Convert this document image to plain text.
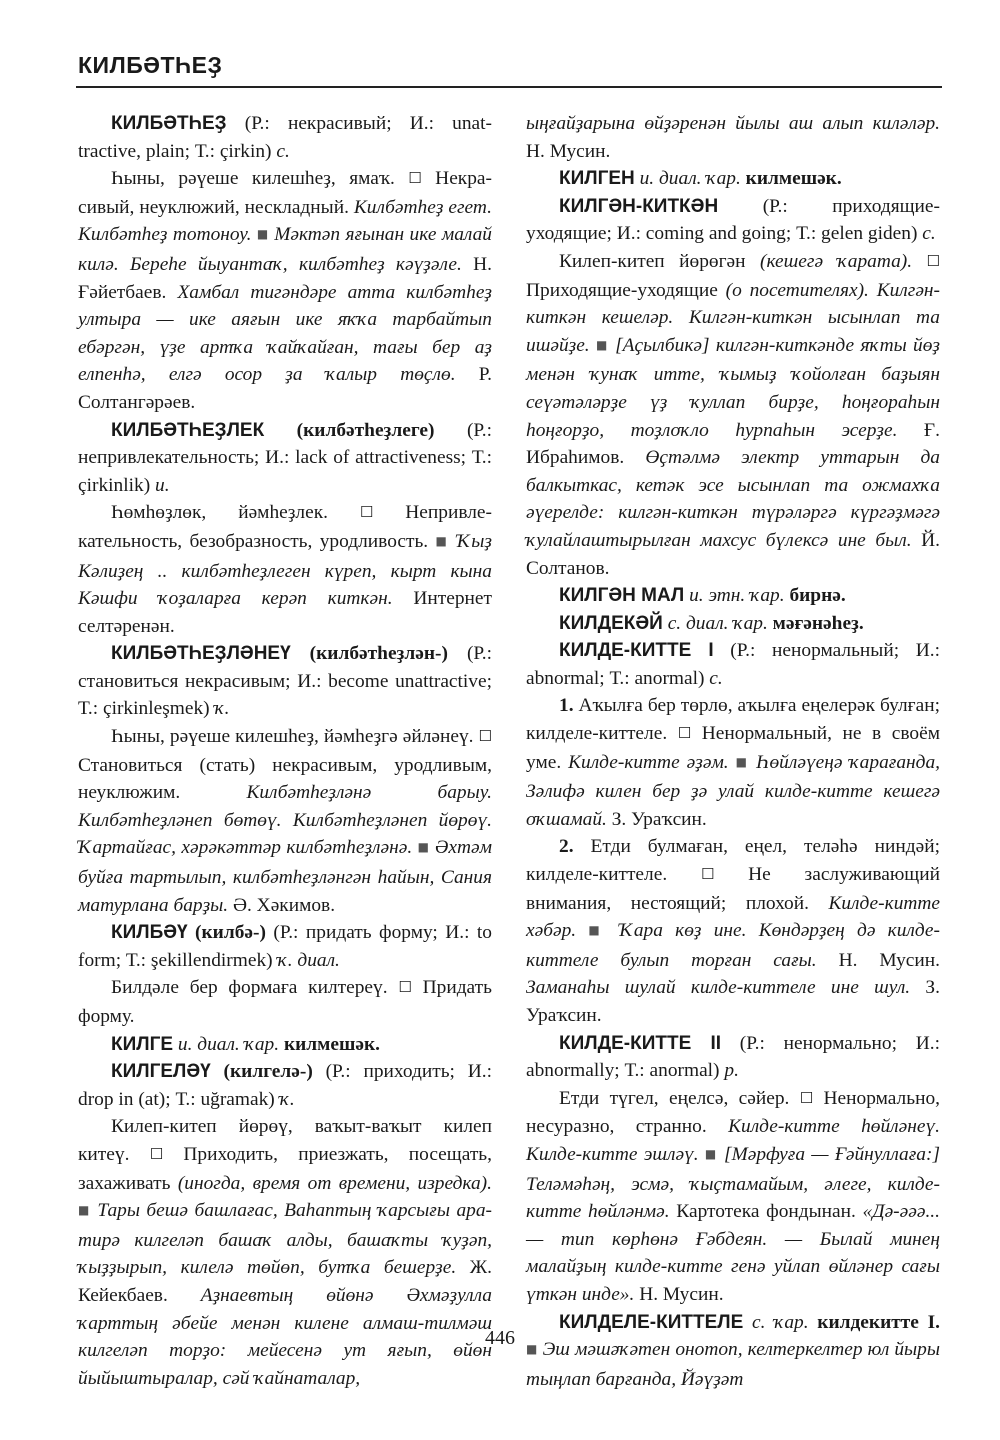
КИЛБӘТҺЕҘ

КИЛБӘТҺЕҘ (Р.: некрасивый; И.: unattractive, plain; Т.: çirkin) с.

Һыны, рәүеше килешһеҙ, ямаҡ. ☐ Некрасивый, неуклюжий, нескладный. Килбәтһеҙ егет. Килбәтһеҙ тотоноу. ■ Мәктәп яғынан ике малай килә. Береһе йыуантаҡ, килбәтһеҙ кәүҙәле. Н. Ғәйетбаев. Хамбал тигәндәре атта килбәтһеҙ ултыра — ике аяғын ике яҡҡа тарбайтып ебәргән, үҙе артҡа ҡайҡайған, тағы бер аҙ елпенһә, елгә осор ҙа ҡалыр төҫлө. Р. Солтангәрәев.

КИЛБӘТҺЕҘЛЕК (килбәтһеҙлеге) (Р.: непривлекательность; И.: lack of attractiveness; Т.: çirkinlik) и.

Һөмһөҙлөк, йәмһеҙлек. ☐ Непривлекательность, безобразность, уродливость. ■ Ҡыҙ Кәлиҙең .. килбәтһеҙлеген күреп, кырт кына Кәшфи ҡоҙаларға керәп киткән. Интернет селтәренән.

КИЛБӘТҺЕҘЛӘНЕҮ (килбәтһеҙлән-) (Р.: становиться некрасивым; И.: become unattractive; Т.: çirkinleşmek) ҡ.

Һыны, рәүеше килешһеҙ, йәмһеҙгә әйләнеү. ☐ Становиться (стать) некрасивым, уродливым, неуклюжим. Килбәтһеҙләнә барыу. Килбәтһеҙләнеп бөтөү. Килбәтһеҙләнеп йөрөү. Ҡартайғас, хәрәкәттәр килбәтһеҙләнә. ■ Әхтәм буйға тартылып, килбәтһеҙләнгән һайын, Сания матурлана барҙы. Ә. Хәкимов.

КИЛБӘҮ (килбә-) (Р.: придать форму; И.: to form; Т.: şekillendirmek) ҡ. диал.

Билдәле бер формаға килтереү. ☐ Придать форму.

КИЛГЕ и. диал. ҡар. килмешәк.

КИЛГЕЛӘҮ (килгелә-) (Р.: приходить; И.: drop in (at); Т.: uğramak) ҡ.

Килеп-китеп йөрөү, ваҡыт-ваҡыт килеп китеү. ☐ Приходить, приезжать, посещать, захаживать (иногда, время от времени, изредка). ■ Тары бешә башлағас, Ваһаптың ҡарсығы ара-тирә килгеләп башаҡ алды, башаҡты ҡуҙәп, ҡыҙҙырып, килелә төйөп, бутҡа бешерҙе. Ж. Кейекбаев. Аҙнаевтың өйөнә Әхмәҙулла ҡарттың әбейе менән килене алмаш-тилмәш килгеләп торҙо: мейесенә ут яғып, өйөн йыйыштыралар, сәй ҡайнаталар,

ыңғайҙарына өйҙәренән йылы аш алып киләләр. Н. Мусин.

КИЛГЕН и. диал. ҡар. килмешәк.

КИЛГӘН-КИТКӘН (Р.: приходящие-уходящие; И.: coming and going; Т.: gelen giden) с.

Килеп-китеп йөрөгән (кешегә ҡарата). ☐ Приходящие-уходящие (о посетителях). Килгән-киткән кешеләр. Килгән-киткән ысынлап та ишәйҙе. ■ [Аҫылбикә] килгән-киткәнде яҡты йөҙ менән ҡунаҡ итте, ҡымыҙ ҡойолған баҙыян сеүәтәләрҙе үҙ ҡуллап бирҙе, һоңғораһын һоңғорҙо, тоҙлоҡло һурпаһын эсерҙе. Ғ. Ибраһимов. Өҫтәлмә электр уттарын да балкыткас, кетәк эсе ысынлап та ожмахҡа әүерелде: килгән-киткән түрәләргә күргәҙмәгә ҡулайлаштырылған махсус бүлексә ине был. Й. Солтанов.

КИЛГӘН МАЛ и. этн. ҡар. бирнә.

КИЛДЕКӘЙ с. диал. ҡар. мәғәнәһеҙ.

КИЛДЕ-КИТТЕ I (Р.: ненормальный; И.: abnormal; Т.: anormal) с.

1. Аҡылға бер төрлө, аҡылға еңелерәк булған; килделе-киттеле. ☐ Ненормальный, не в своём уме. Килде-китте әҙәм. ■ Һөйләүеңә ҡарағанда, Зәлифә килен бер ҙә улай килде-китте кешегә оҡшамай. З. Ураҡсин.

2. Етди булмаған, еңел, теләһә ниндәй; килделе-киттеле. ☐ Не заслуживающий внимания, нестоящий; плохой. Килде-китте хәбәр. ■ Ҡара көҙ ине. Көндәрҙең дә килде-киттеле булып торған сағы. Н. Мусин. Заманаһы шулай килде-киттеле ине шул. З. Ураҡсин.

КИЛДЕ-КИТТЕ II (Р.: ненормально; И.: abnormally; Т.: anormal) р.

Етди түгел, еңелсә, сәйер. ☐ Ненормально, несуразно, странно. Килде-китте һөйләнеү. Килде-китте эшләү. ■ [Мәрфуға — Ғәйнуллаға:] Теләмәһәң, эсмә, ҡыҫтамайым, әлеге, килде-китте һөйләнмә. Картотека фондынан. «Дә-әәә...— тип көрһөнә Ғәбдеян. — Былай минең малайҙың килде-китте генә уйлап өйләнер сағы үткән инде». Н. Мусин.

КИЛДЕЛЕ-КИТТЕЛЕ с. ҡар. килдекитте I. ■ Эш мәшәҡәтен онотоп, келтеркелтер юл йыры тыңлап барғанда, Йәүҙәт

446
